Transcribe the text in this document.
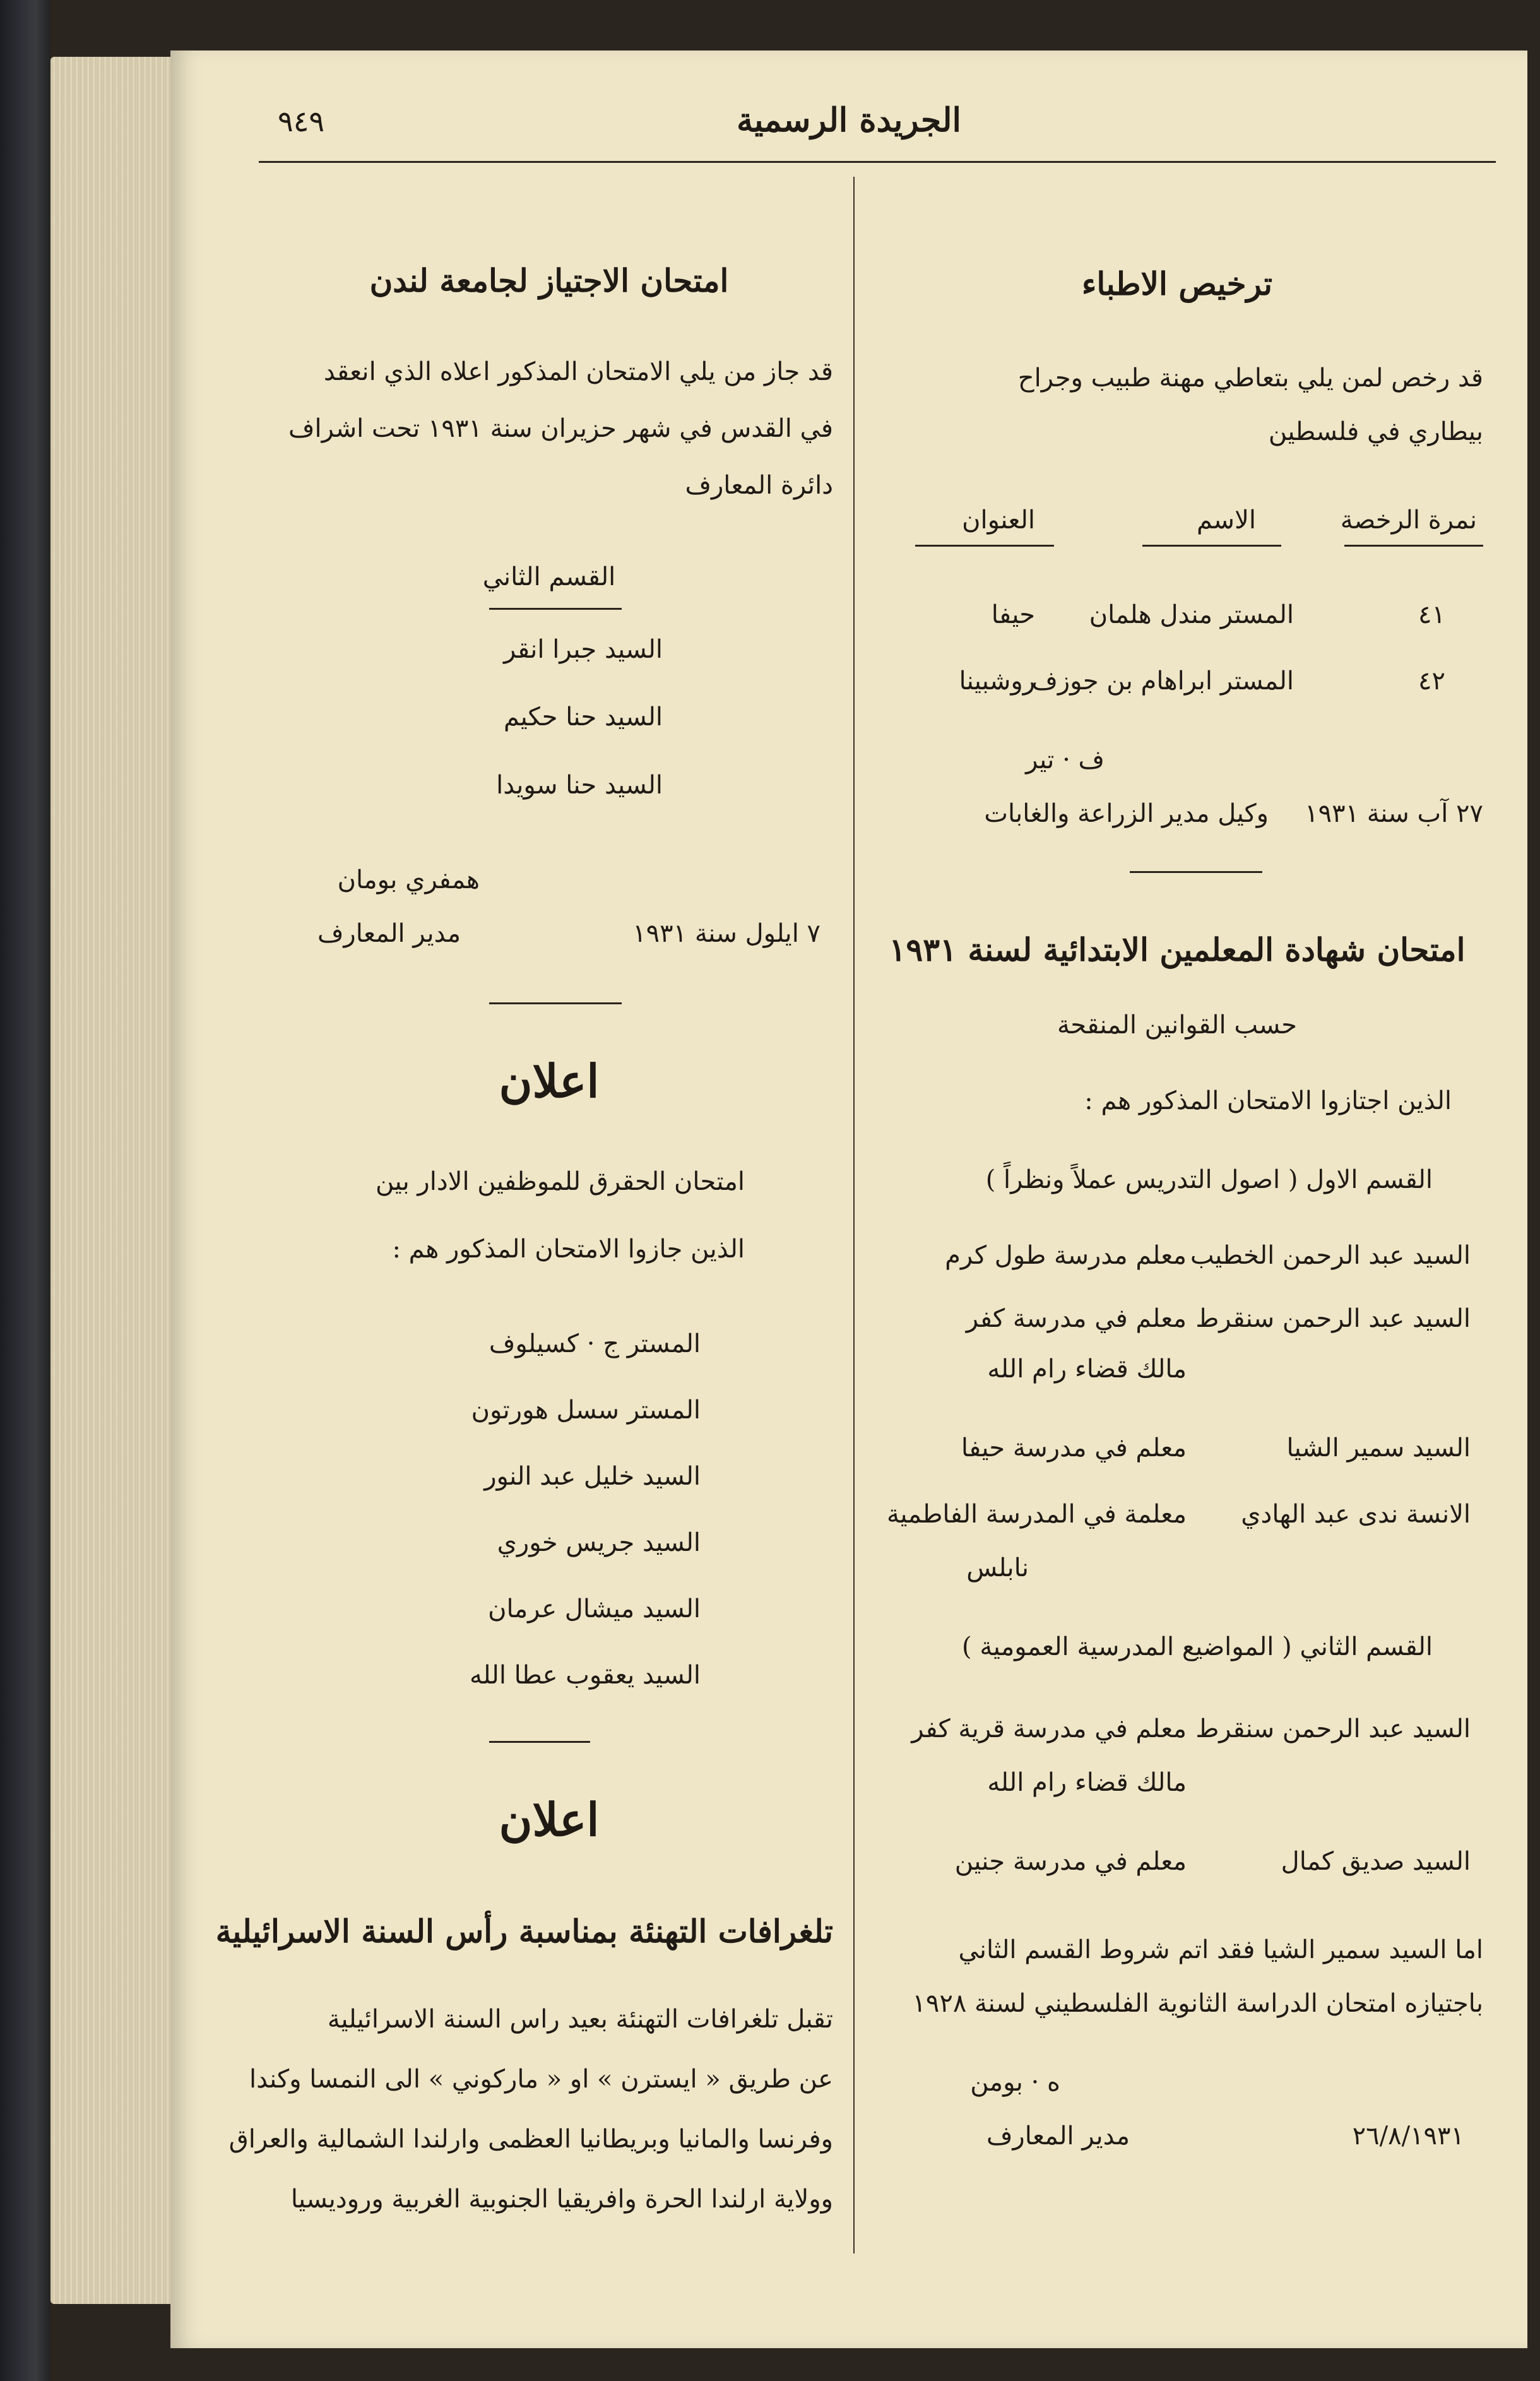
٩٤٩	الجريدة الرسمية
ترخيص الاطباء
قد رخص لمن يلي بتعاطي مهنة طبيب وجراح
بيطاري في فلسطين
نمرة الرخصة
الاسم
العنوان
٤١
المستر مندل هلمان
حيفا
٤٢
المستر ابراهام بن جوزف
روشبينا
ف · تير
٢٧ آب سنة ١٩٣١
وكيل مدير الزراعة والغابات
امتحان شهادة المعلمين الابتدائية لسنة ١٩٣١
حسب القوانين المنقحة
الذين اجتازوا الامتحان المذكور هم :
القسم الاول ( اصول التدريس عملاً ونظراً )
السيد عبد الرحمن الخطيب
معلم مدرسة طول كرم
السيد عبد الرحمن سنقرط
معلم في مدرسة كفر
مالك قضاء رام الله
السيد سمير الشيا
معلم في مدرسة حيفا
الانسة ندى عبد الهادي
معلمة في المدرسة الفاطمية
نابلس
القسم الثاني ( المواضيع المدرسية العمومية )
السيد عبد الرحمن سنقرط
معلم في مدرسة قرية كفر
مالك قضاء رام الله
السيد صديق كمال
معلم في مدرسة جنين
اما السيد سمير الشيا فقد اتم شروط القسم الثاني
باجتيازه امتحان الدراسة الثانوية الفلسطيني لسنة ١٩٢٨
ه · بومن
٢٦/٨/١٩٣١
مدير المعارف
امتحان الاجتياز لجامعة لندن
قد جاز من يلي الامتحان المذكور اعلاه الذي انعقد
في القدس في شهر حزيران سنة ١٩٣١ تحت اشراف
دائرة المعارف
القسم الثاني
السيد جبرا انقر
السيد حنا حكيم
السيد حنا سويدا
همفري بومان
٧ ايلول سنة ١٩٣١
مدير المعارف
اعلان
امتحان الحقرق للموظفين الادار بين
الذين جازوا الامتحان المذكور هم :
المستر ج · كسيلوف
المستر سسل هورتون
السيد خليل عبد النور
السيد جريس خوري
السيد ميشال عرمان
السيد يعقوب عطا الله
اعلان
تلغرافات التهنئة بمناسبة رأس السنة الاسرائيلية
تقبل تلغرافات التهنئة بعيد راس السنة الاسرائيلية
عن طريق « ايسترن » او « ماركوني » الى النمسا وكندا
وفرنسا والمانيا وبريطانيا العظمى وارلندا الشمالية والعراق
وولاية ارلندا الحرة وافريقيا الجنوبية الغربية وروديسيا
